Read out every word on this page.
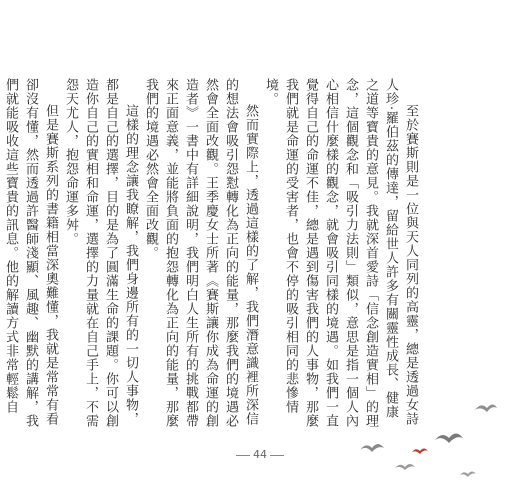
至於賽斯則是一位與天人同列的高靈，總是透過女詩人珍‧羅伯茲的傳達，留給世人許多有關靈性成長、健康之道等寶貴的意見。我就深首愛詩「信念創造實相」的理念，這個觀念和「吸引力法則」類似，意思是指一個人內心相信什麼樣的觀念，就會吸引同樣的境遇。如我們一直覺得自己的命運不佳，總是遇到傷害我們的人事物，那麼我們就是命運的受害者，也會不停的吸引相同的悲慘情境。

然而實際上，透過這樣的了解，我們潛意識裡所深信的想法會吸引怨懟轉化為正向的能量，那麼我們的境遇必然會全面改觀。王季慶女士所著《賽斯讓你成為命運的創造者》一書中有詳細說明，我們明白人生所有的挑戰都帶來正面意義，並能將負面的抱怨轉化為正向的能量，那麼我們的境遇必然會全面改觀。

這樣的理念讓我瞭解，我們身邊所有的一切人事物，都是自己的選擇，目的是為了圓滿生命的課題。你可以創造你自己的實相和命運，選擇的力量就在自己手上，不需怨天尤人，抱怨命運多舛。

但是賽斯系列的書籍相當深奧難懂，我就是常常有看卻沒有懂，然而透過許醫師淺顯、風趣、幽默的講解，我們就能吸收這些寶貴的訊息。他的解讀方式非常輕鬆自

44
